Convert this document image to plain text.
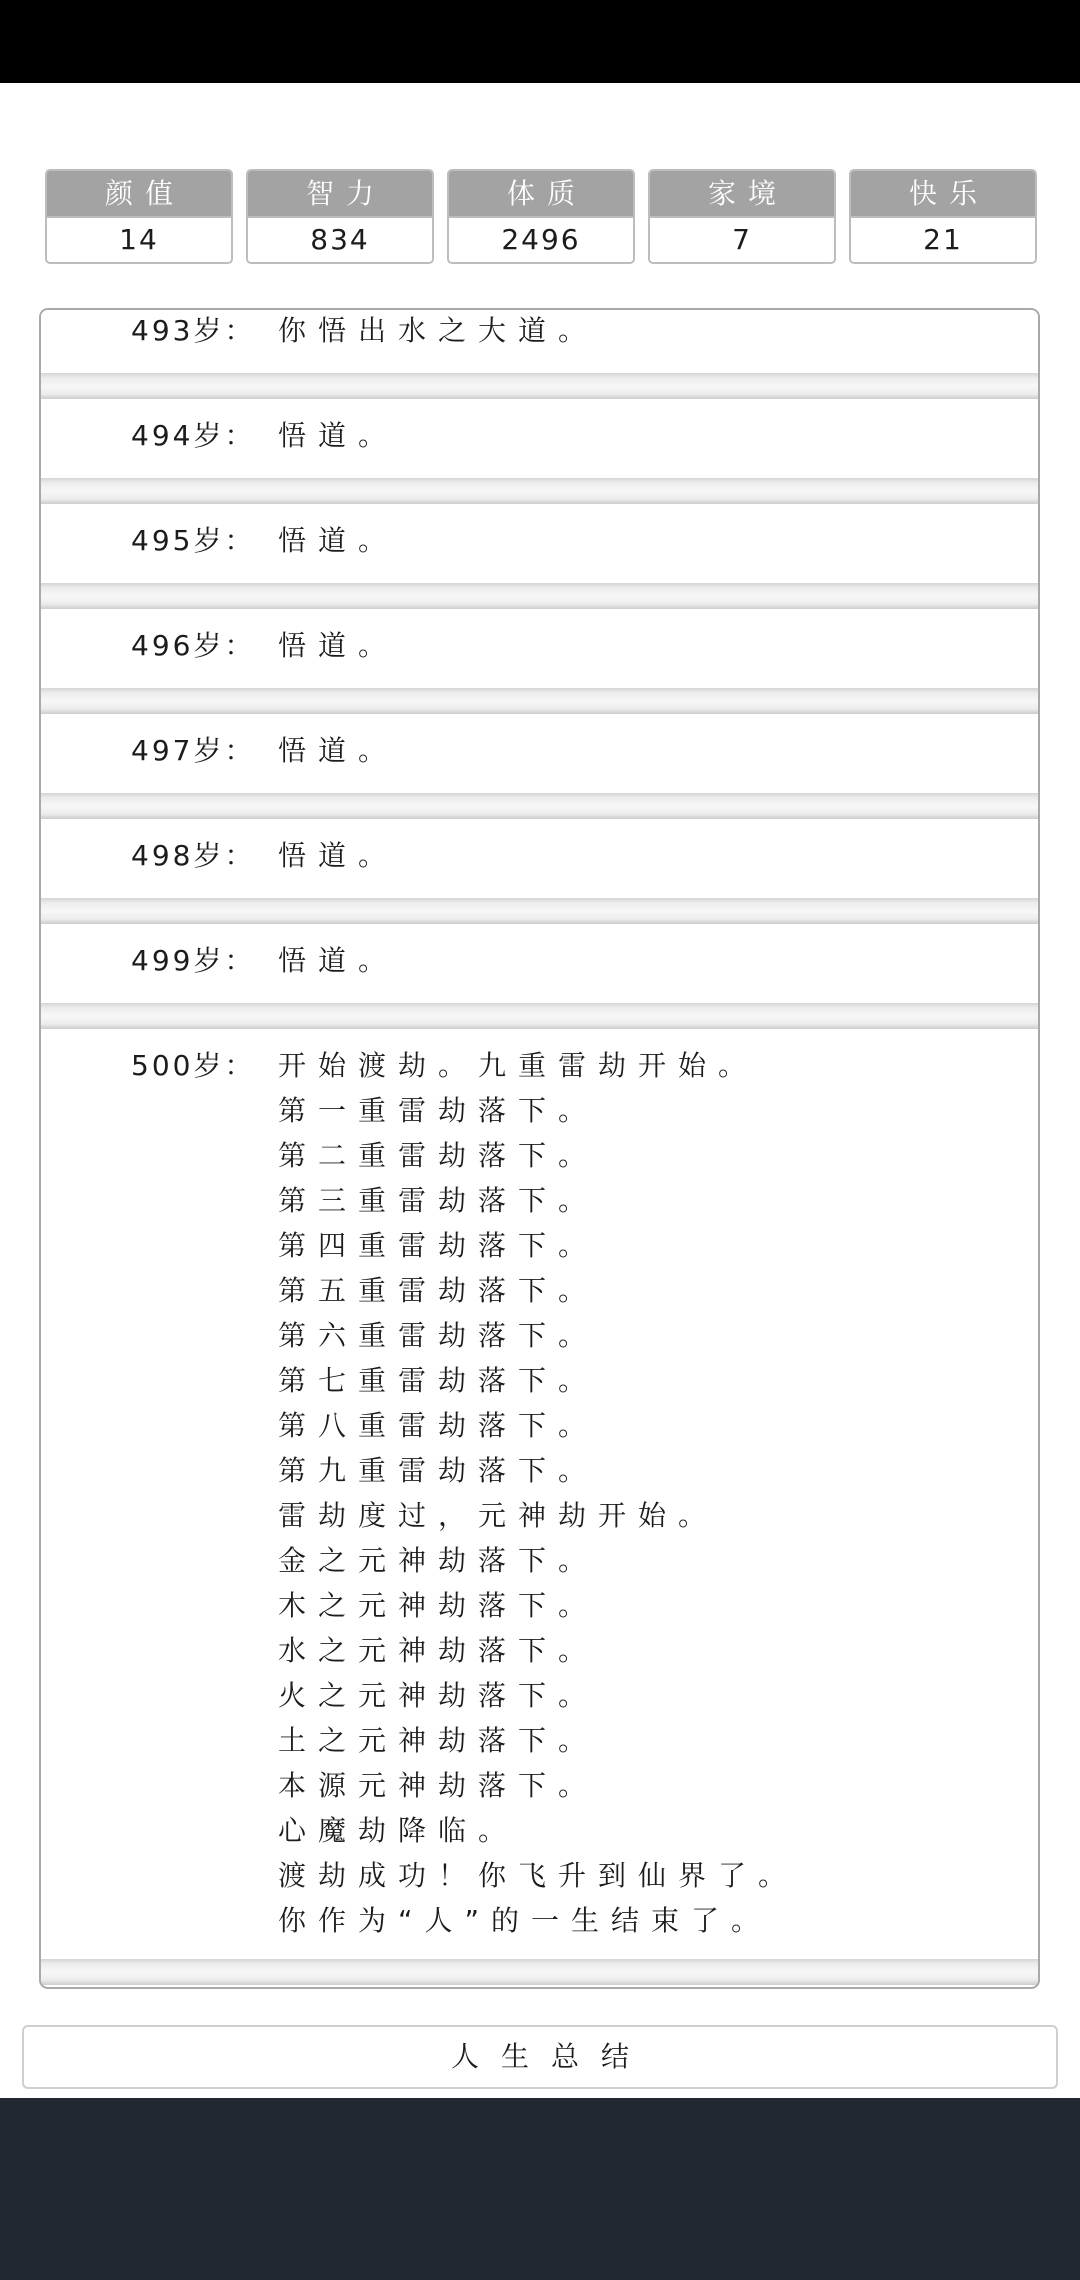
颜值
14
智力
834
体质
2496
家境
7
快乐
21
493岁： 你悟出水之大道。
494岁： 悟道。
495岁： 悟道。
496岁： 悟道。
497岁： 悟道。
498岁： 悟道。
499岁： 悟道。
500岁： 开始渡劫。九重雷劫开始。
第一重雷劫落下。
第二重雷劫落下。
第三重雷劫落下。
第四重雷劫落下。
第五重雷劫落下。
第六重雷劫落下。
第七重雷劫落下。
第八重雷劫落下。
第九重雷劫落下。
雷劫度过，元神劫开始。
金之元神劫落下。
木之元神劫落下。
水之元神劫落下。
火之元神劫落下。
土之元神劫落下。
本源元神劫落下。
心魔劫降临。
渡劫成功！你飞升到仙界了。
你作为“人”的一生结束了。
人生总结
